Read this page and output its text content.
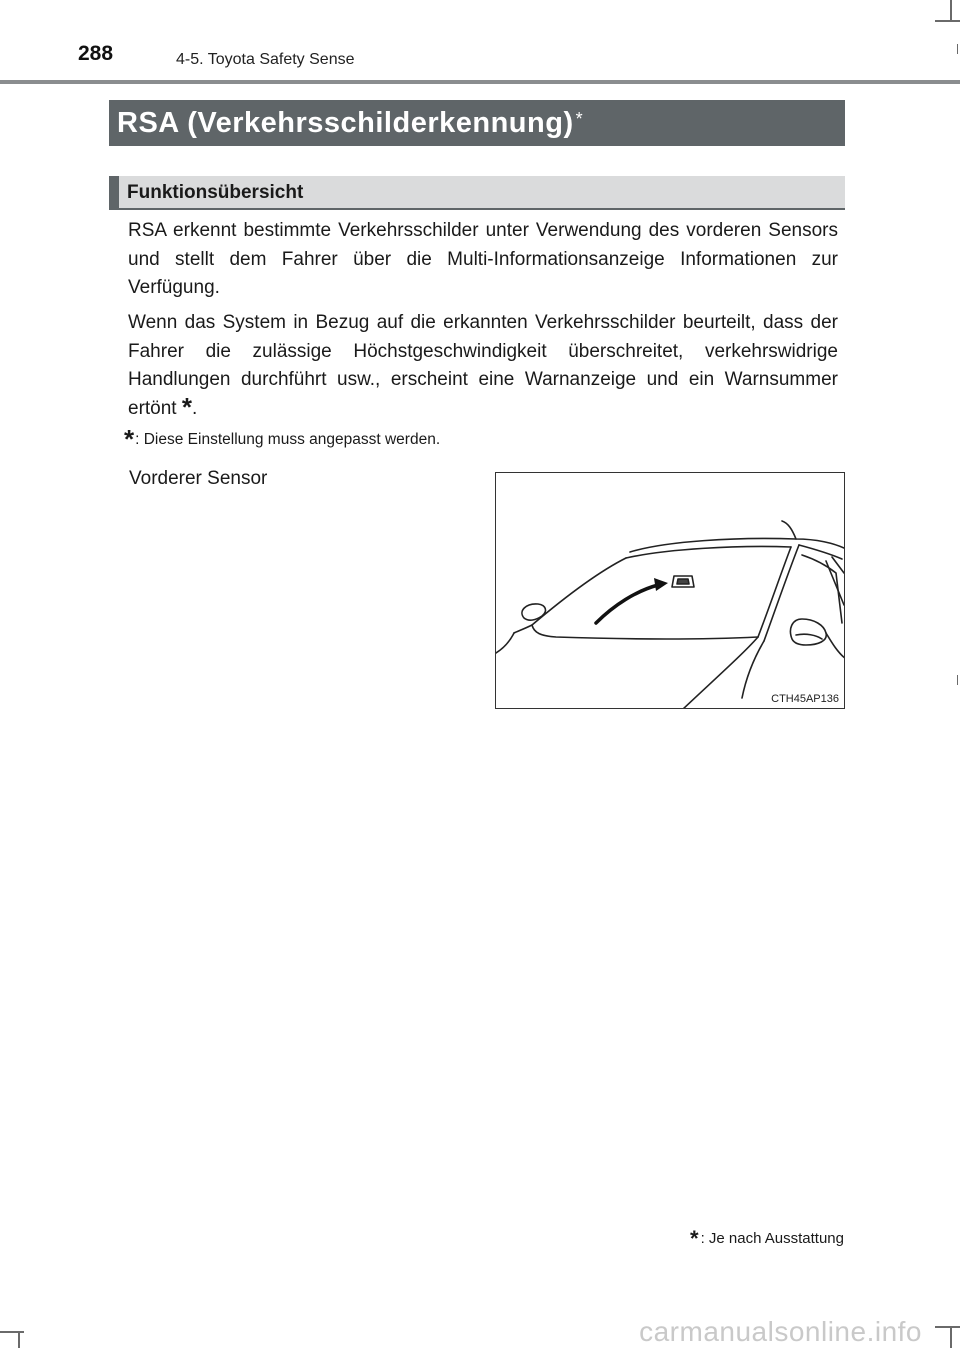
288	4-5. Toyota Safety Sense
RSA (Verkehrsschilderkennung) *
Funktionsübersicht

RSA erkennt bestimmte Verkehrsschilder unter Verwendung des vorderen Sensors und stellt dem Fahrer über die Multi-Informationsanzeige Informationen zur Verfügung.

Wenn das System in Bezug auf die erkannten Verkehrsschilder beurteilt, dass der Fahrer die zulässige Höchstgeschwindigkeit überschreitet, verkehrswidrige Handlungen durchführt usw., erscheint eine Warnanzeige und ein Warnsummer ertönt *.

*: Diese Einstellung muss angepasst werden.
Vorderer Sensor
CTH45AP136
* : Je nach Ausstattung
carmanualsonline.info
